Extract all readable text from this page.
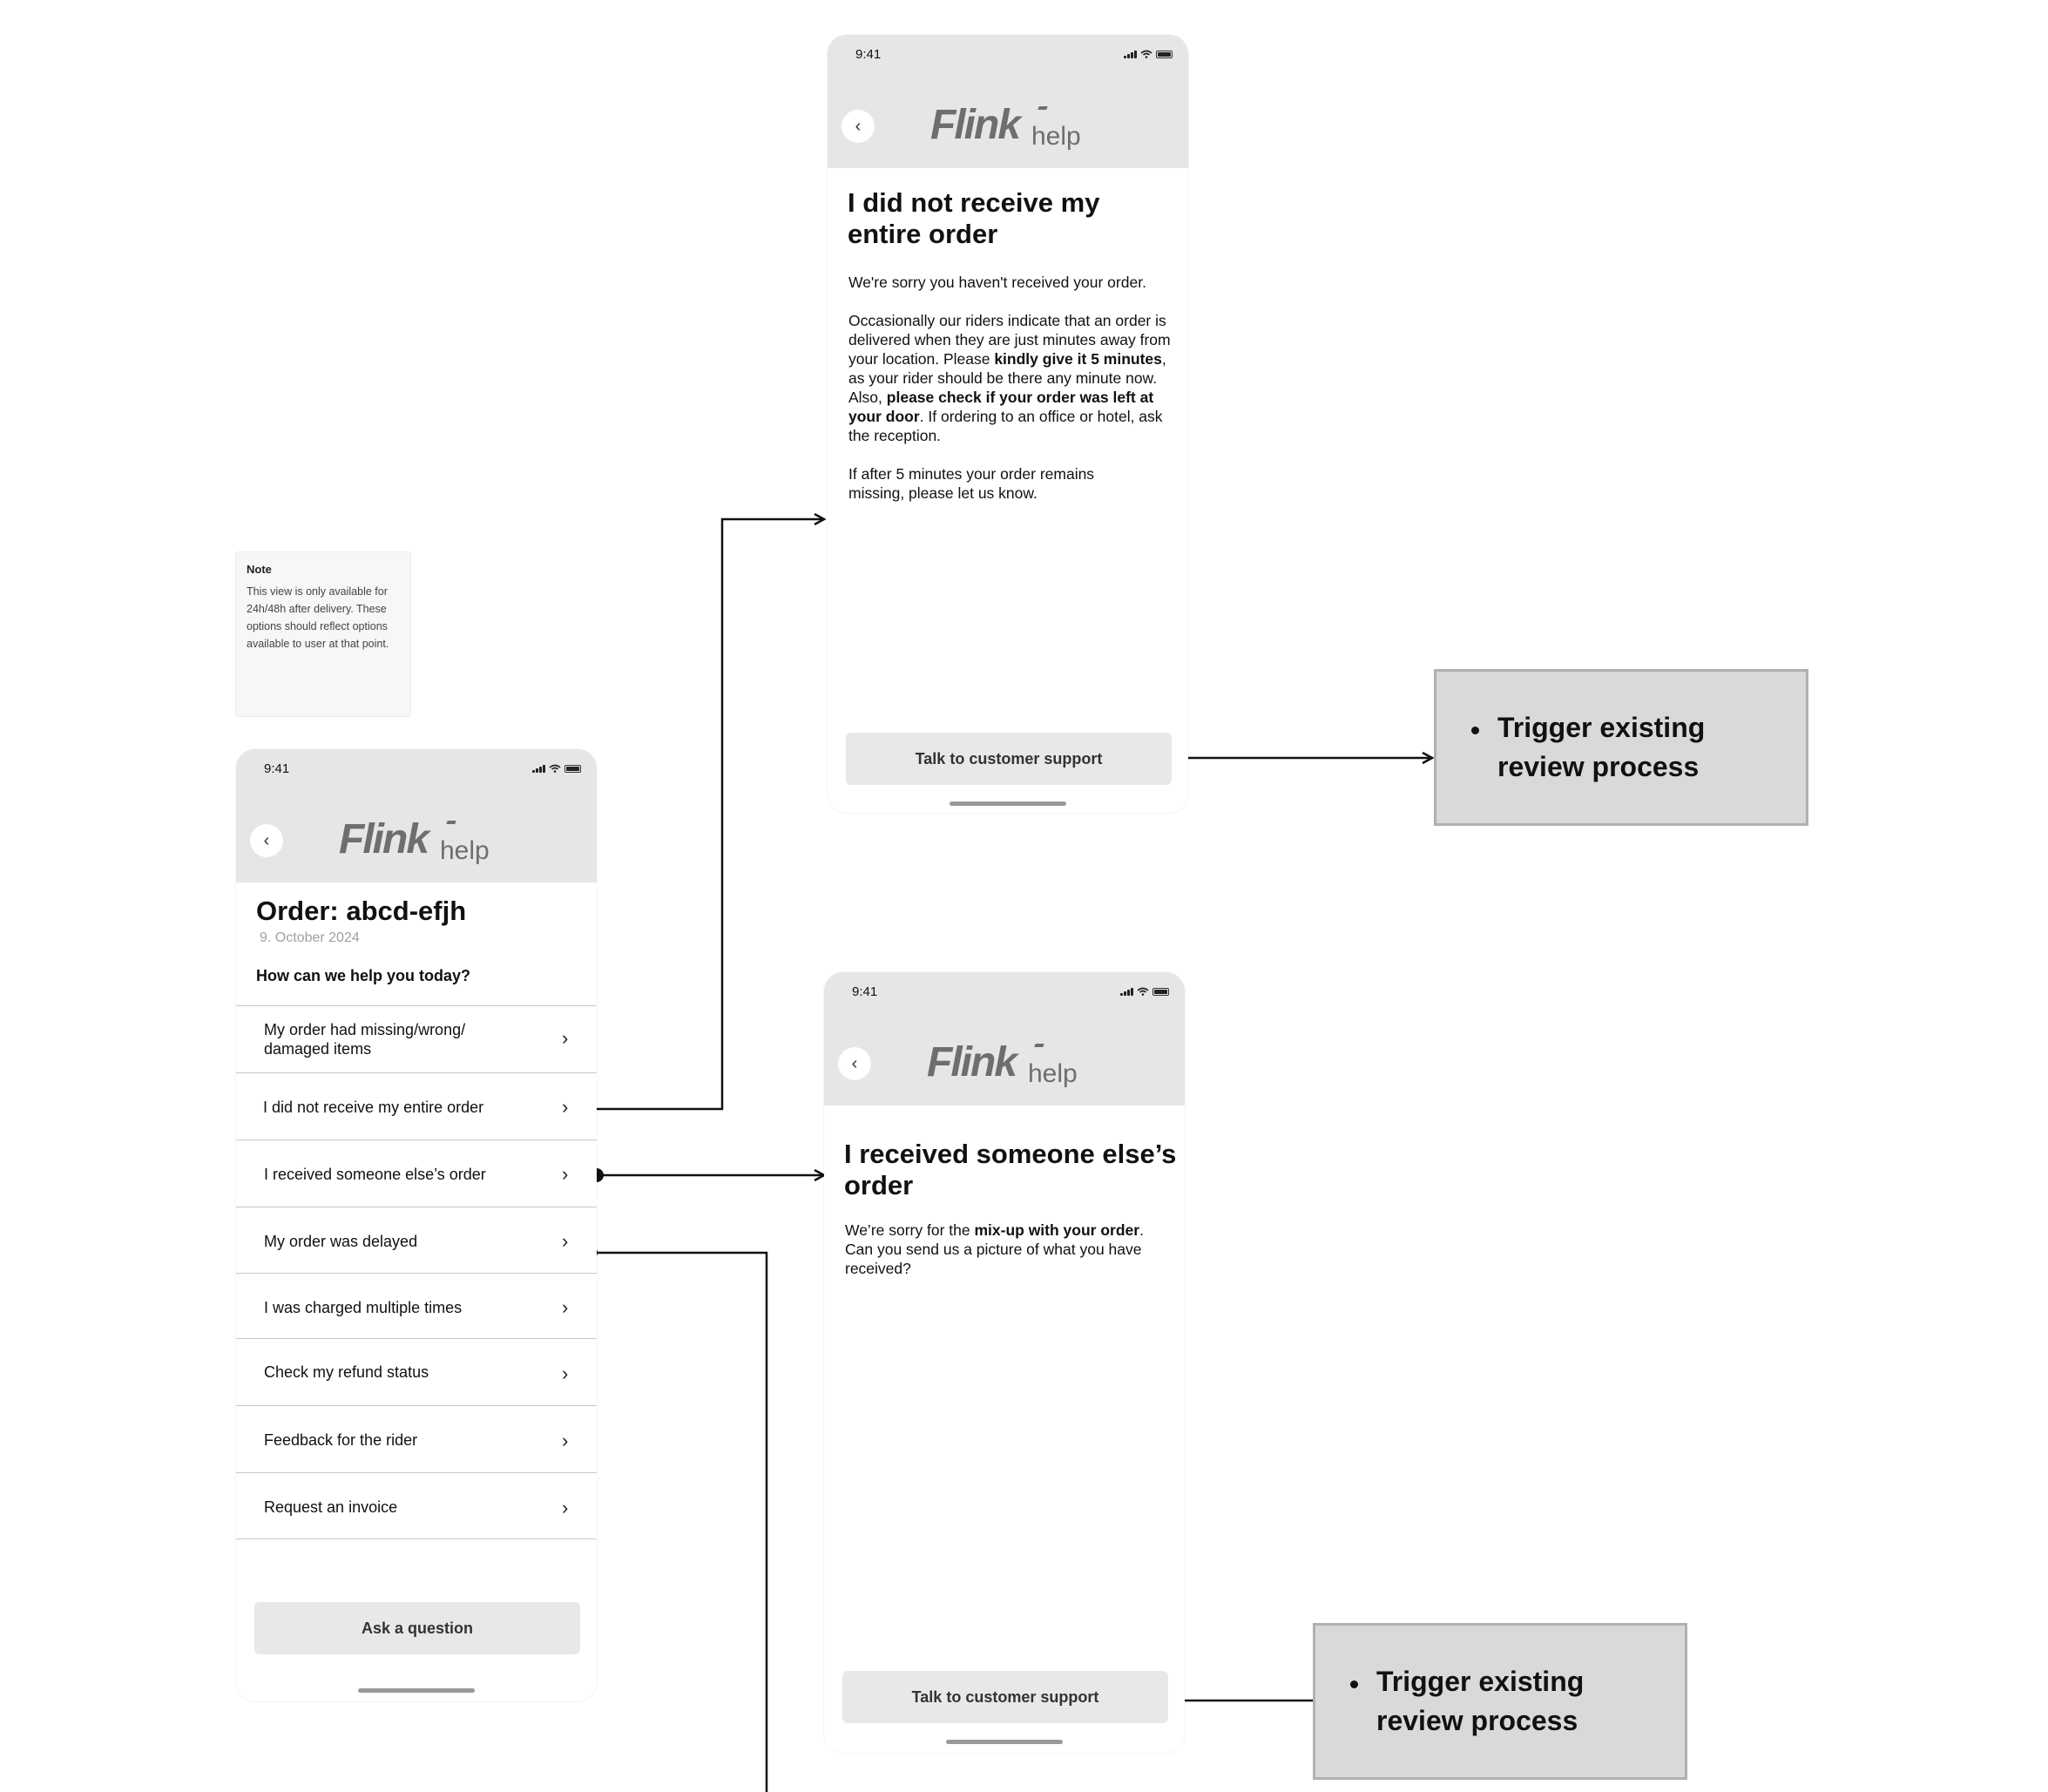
Note
This view is only available for 24h/48h after delivery. These options should reflect options available to user at that point.
9:41
‹ Flink help
Order: abcd-efjh
9. October 2024
How can we help you today?
My order had missing/wrong/ damaged items	›
I did not receive my entire order	›
I received someone else’s order	›
My order was delayed	›
I was charged multiple times	›
Check my refund status	›
Feedback for the rider	›
Request an invoice	›
Ask a question
9:41
‹ Flink help
I did not receive my entire order
We're sorry you haven't received your order.
Occasionally our riders indicate that an order is delivered when they are just minutes away from your location. Please kindly give it 5 minutes, as your rider should be there any minute now. Also, please check if your order was left at your door. If ordering to an office or hotel, ask the reception.
If after 5 minutes your order remains missing, please let us know.
Talk to customer support
9:41
‹ Flink help
I received someone else’s order
We’re sorry for the mix-up with your order. Can you send us a picture of what you have received?
Talk to customer support
Trigger existing review process
Trigger existing review process
